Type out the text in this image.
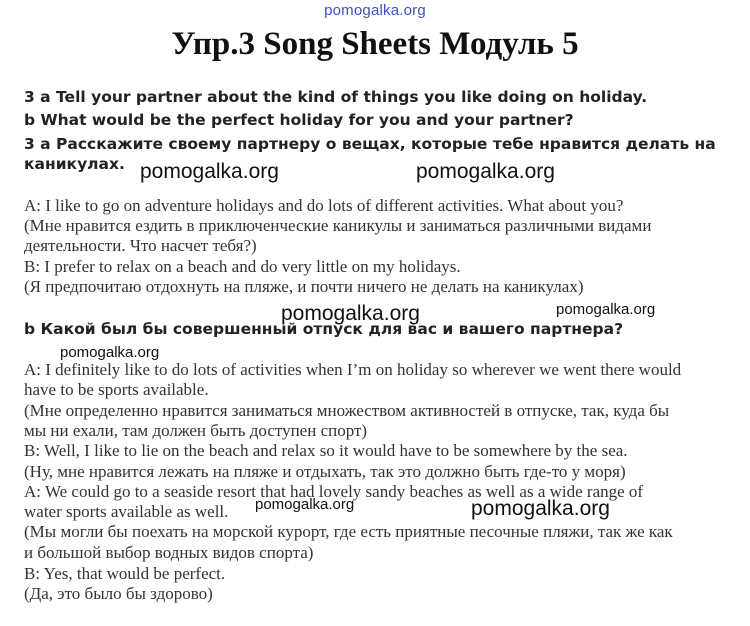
pomogalka.org
Упр.3 Song Sheets Модуль 5
3 a Tell your partner about the kind of things you like doing on holiday.
b What would be the perfect holiday for you and your partner?
3 а Расскажите своему партнеру о вещах, которые тебе нравится делать на
каникулах. pomogalka.org	pomogalka.org
A: I like to go on adventure holidays and do lots of different activities. What about you?
(Мне нравится ездить в приключенческие каникулы и заниматься различными видами
деятельности. Что насчет тебя?)
B: I prefer to relax on a beach and do very little on my holidays.
(Я предпочитаю отдохнуть на пляже, и почти ничего не делать на каникулах)
pomogalka.org	pomogalka.org
b Какой был бы совершенный отпуск для вас и вашего партнера?
pomogalka.org
A: I definitely like to do lots of activities when I’m on holiday so wherever we went there would
have to be sports available.
(Мне определенно нравится заниматься множеством активностей в отпуске, так, куда бы
мы ни ехали, там должен быть доступен спорт)
B: Well, I like to lie on the beach and relax so it would have to be somewhere by the sea.
(Ну, мне нравится лежать на пляже и отдыхать, так это должно быть где-то у моря)
A: We could go to a seaside resort that had lovely sandy beaches as well as a wide range of
water sports available as well. pomogalka.org	pomogalka.org
(Мы могли бы поехать на морской курорт, где есть приятные песочные пляжи, так же как
и большой выбор водных видов спорта)
B: Yes, that would be perfect.
(Да, это было бы здорово)
